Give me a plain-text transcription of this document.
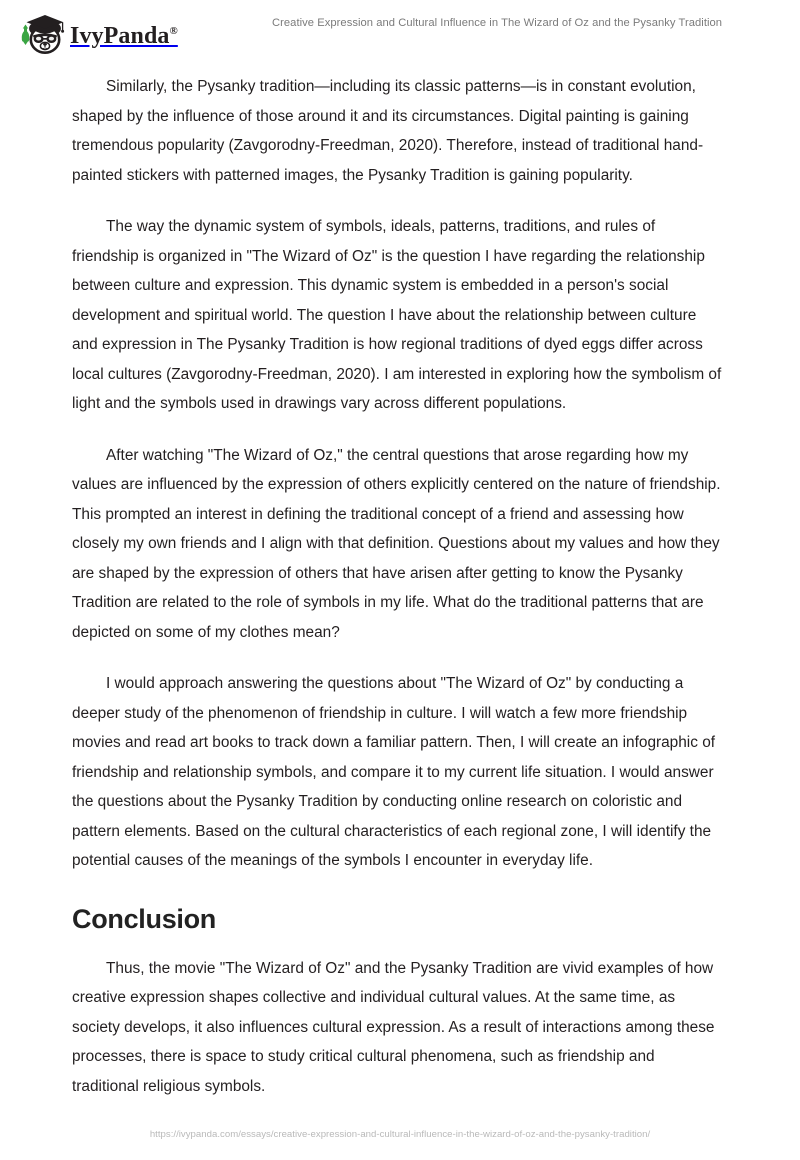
IvyPanda®
Creative Expression and Cultural Influence in The Wizard of Oz and the Pysanky Tradition

Similarly, the Pysanky tradition—including its classic patterns—is in constant evolution, shaped by the influence of those around it and its circumstances. Digital painting is gaining tremendous popularity (Zavgorodny-Freedman, 2020). Therefore, instead of traditional hand-painted stickers with patterned images, the Pysanky Tradition is gaining popularity.

The way the dynamic system of symbols, ideals, patterns, traditions, and rules of friendship is organized in "The Wizard of Oz" is the question I have regarding the relationship between culture and expression. This dynamic system is embedded in a person's social development and spiritual world. The question I have about the relationship between culture and expression in The Pysanky Tradition is how regional traditions of dyed eggs differ across local cultures (Zavgorodny-Freedman, 2020). I am interested in exploring how the symbolism of light and the symbols used in drawings vary across different populations.

After watching "The Wizard of Oz," the central questions that arose regarding how my values are influenced by the expression of others explicitly centered on the nature of friendship. This prompted an interest in defining the traditional concept of a friend and assessing how closely my own friends and I align with that definition. Questions about my values and how they are shaped by the expression of others that have arisen after getting to know the Pysanky Tradition are related to the role of symbols in my life. What do the traditional patterns that are depicted on some of my clothes mean?

I would approach answering the questions about "The Wizard of Oz" by conducting a deeper study of the phenomenon of friendship in culture. I will watch a few more friendship movies and read art books to track down a familiar pattern. Then, I will create an infographic of friendship and relationship symbols, and compare it to my current life situation. I would answer the questions about the Pysanky Tradition by conducting online research on coloristic and pattern elements. Based on the cultural characteristics of each regional zone, I will identify the potential causes of the meanings of the symbols I encounter in everyday life.

Conclusion

Thus, the movie "The Wizard of Oz" and the Pysanky Tradition are vivid examples of how creative expression shapes collective and individual cultural values. At the same time, as society develops, it also influences cultural expression. As a result of interactions among these processes, there is space to study critical cultural phenomena, such as friendship and traditional religious symbols.

https://ivypanda.com/essays/creative-expression-and-cultural-influence-in-the-wizard-of-oz-and-the-pysanky-tradition/
